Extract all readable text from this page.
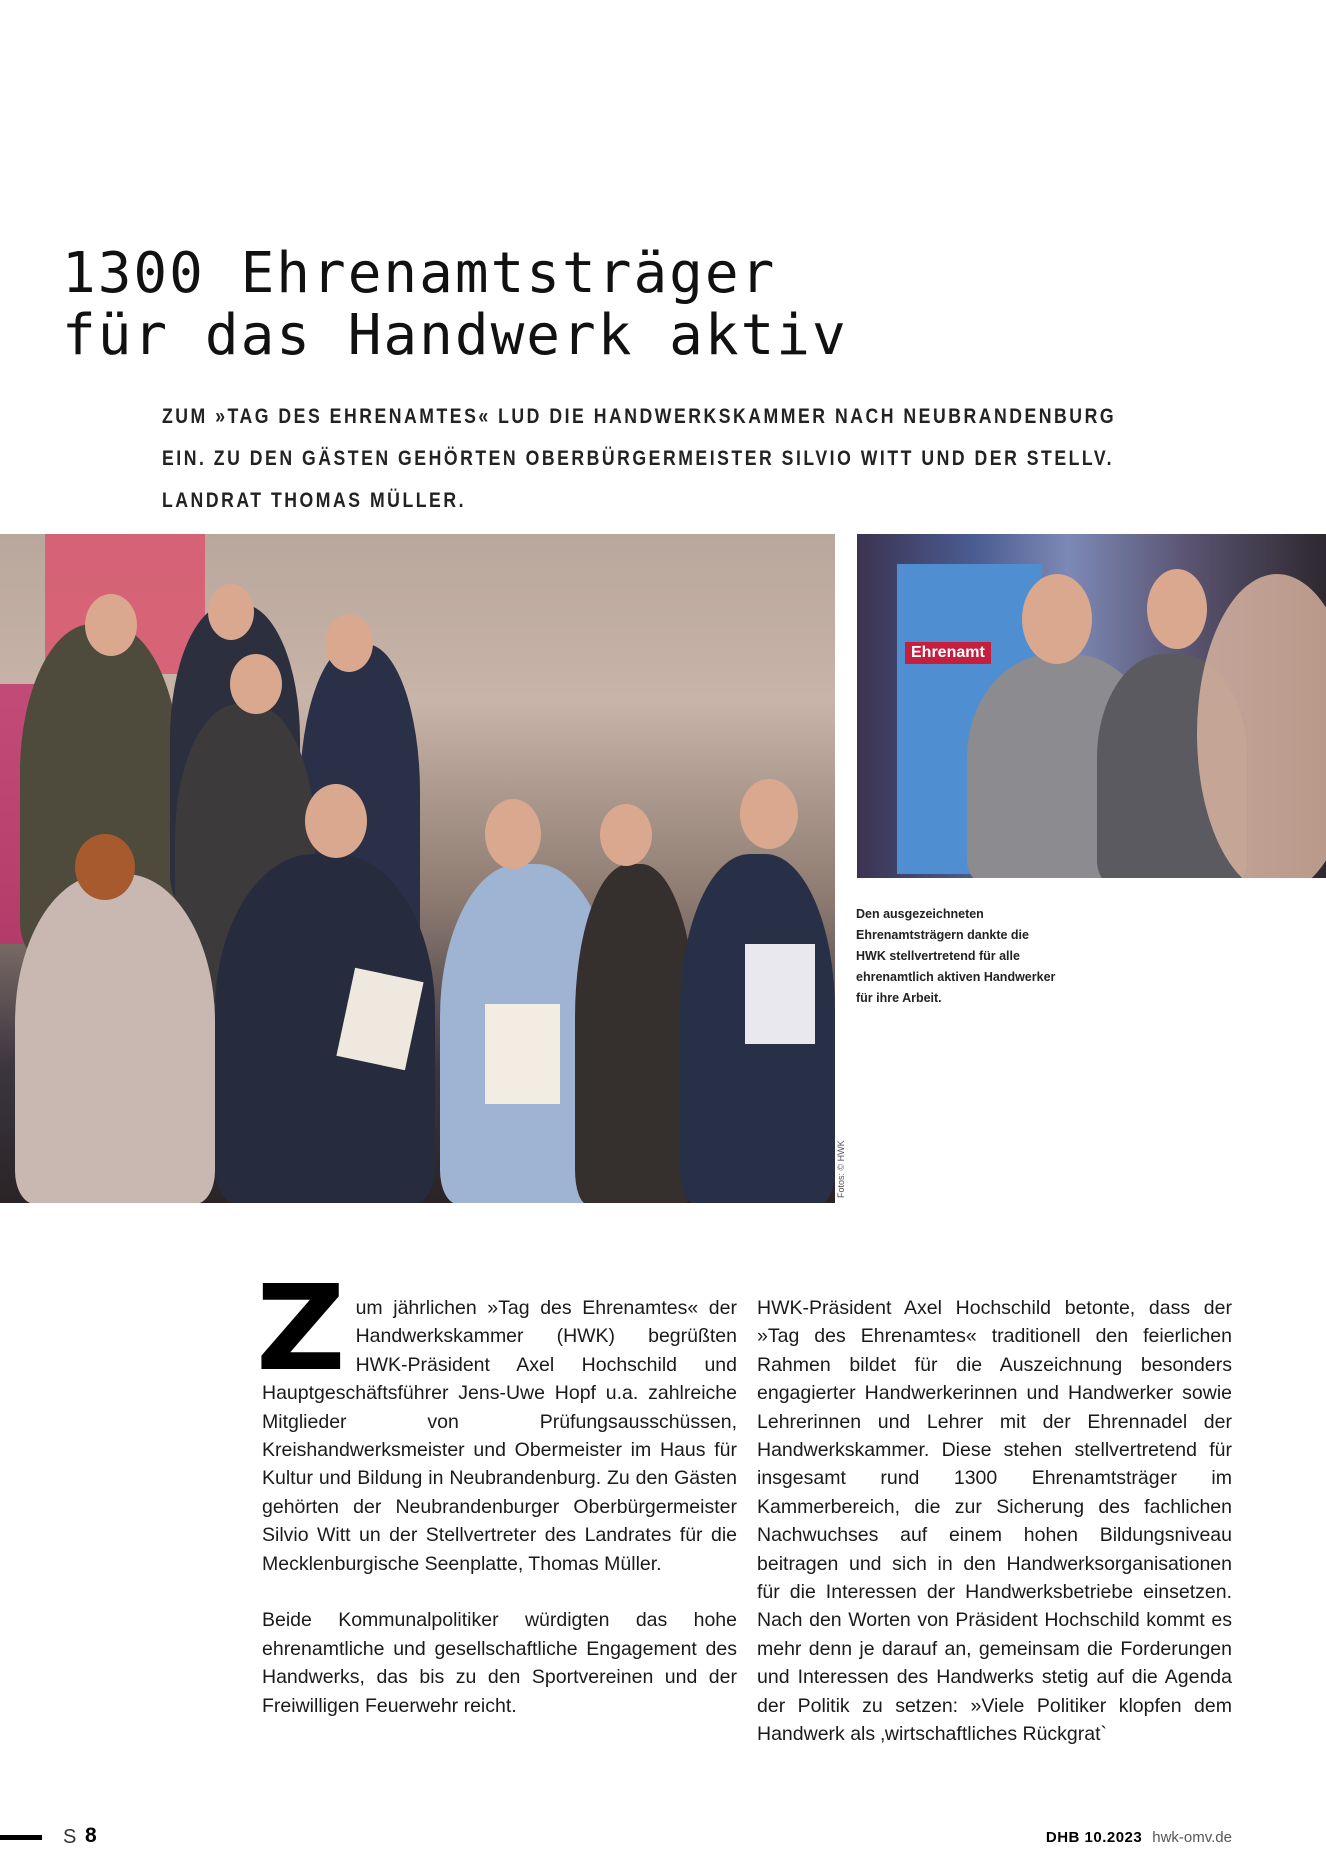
1300 Ehrenamtsträger
für das Handwerk aktiv

ZUM »TAG DES EHRENAMTES« LUD DIE HANDWERKSKAMMER NACH NEUBRANDENBURG EIN. ZU DEN GÄSTEN GEHÖRTEN OBERBÜRGERMEISTER SILVIO WITT UND DER STELLV. LANDRAT THOMAS MÜLLER.

Ehrenamt
Den ausgezeichneten Ehrenamtsträgern dankte die HWK stellvertretend für alle ehrenamtlich aktiven Handwerker für ihre Arbeit.
Fotos: © HWK

Zum jährlichen »Tag des Ehrenamtes« der Handwerkskammer (HWK) begrüßten HWK-Präsident Axel Hochschild und Hauptgeschäftsführer Jens-Uwe Hopf u.a. zahlreiche Mitglieder von Prüfungsausschüssen, Kreishandwerksmeister und Obermeister im Haus für Kultur und Bildung in Neubrandenburg. Zu den Gästen gehörten der Neubrandenburger Oberbürgermeister Silvio Witt un der Stellvertreter des Landrates für die Mecklenburgische Seenplatte, Thomas Müller.

Beide Kommunalpolitiker würdigten das hohe ehrenamtliche und gesellschaftliche Engagement des Handwerks, das bis zu den Sportvereinen und der Freiwilligen Feuerwehr reicht.

HWK-Präsident Axel Hochschild betonte, dass der »Tag des Ehrenamtes« traditionell den feierlichen Rahmen bildet für die Auszeichnung besonders engagierter Handwerkerinnen und Handwerker sowie Lehrerinnen und Lehrer mit der Ehrennadel der Handwerkskammer. Diese stehen stellvertretend für insgesamt rund 1300 Ehrenamtsträger im Kammerbereich, die zur Sicherung des fachlichen Nachwuchses auf einem hohen Bildungsniveau beitragen und sich in den Handwerksorganisationen für die Interessen der Handwerksbetriebe einsetzen. Nach den Worten von Präsident Hochschild kommt es mehr denn je darauf an, gemeinsam die Forderungen und Interessen des Handwerks stetig auf die Agenda der Politik zu setzen: »Viele Politiker klopfen dem Handwerk als ‚wirtschaftliches Rückgrat`

S 8	DHB 10.2023 hwk-omv.de
